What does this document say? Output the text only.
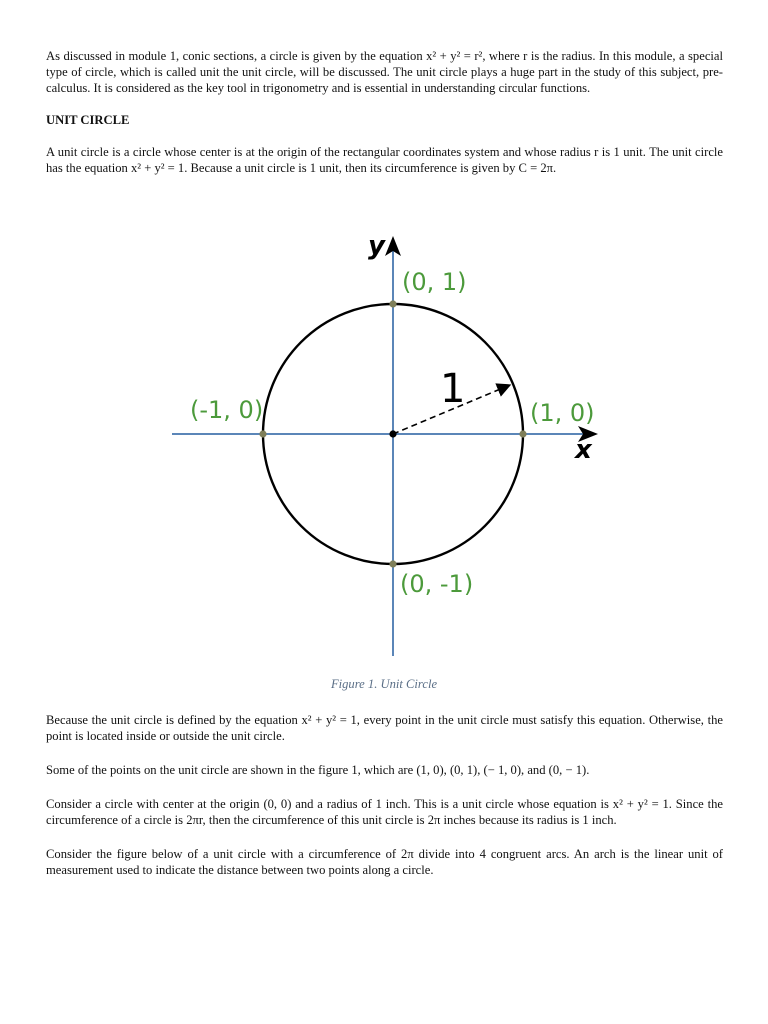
As discussed in module 1, conic sections, a circle is given by the equation x² + y² = r², where r is the radius. In this module, a special type of circle, which is called unit the unit circle, will be discussed. The unit circle plays a huge part in the study of this subject, pre-calculus. It is considered as the key tool in trigonometry and is essential in understanding circular functions.

UNIT CIRCLE

A unit circle is a circle whose center is at the origin of the rectangular coordinates system and whose radius r is 1 unit. The unit circle has the equation x² + y² = 1. Because a unit circle is 1 unit, then its circumference is given by C = 2π.

y
x
1
(0, 1)
(1, 0)
(-1, 0)
(0, -1)
Figure 1. Unit Circle

Because the unit circle is defined by the equation x² + y² = 1, every point in the unit circle must satisfy this equation. Otherwise, the point is located inside or outside the unit circle.

Some of the points on the unit circle are shown in the figure 1, which are (1, 0), (0, 1), (− 1, 0), and (0, − 1).

Consider a circle with center at the origin (0, 0) and a radius of 1 inch. This is a unit circle whose equation is x² + y² = 1. Since the circumference of a circle is 2πr, then the circumference of this unit circle is 2π inches because its radius is 1 inch.

Consider the figure below of a unit circle with a circumference of 2π divide into 4 congruent arcs. An arch is the linear unit of measurement used to indicate the distance between two points along a circle.
